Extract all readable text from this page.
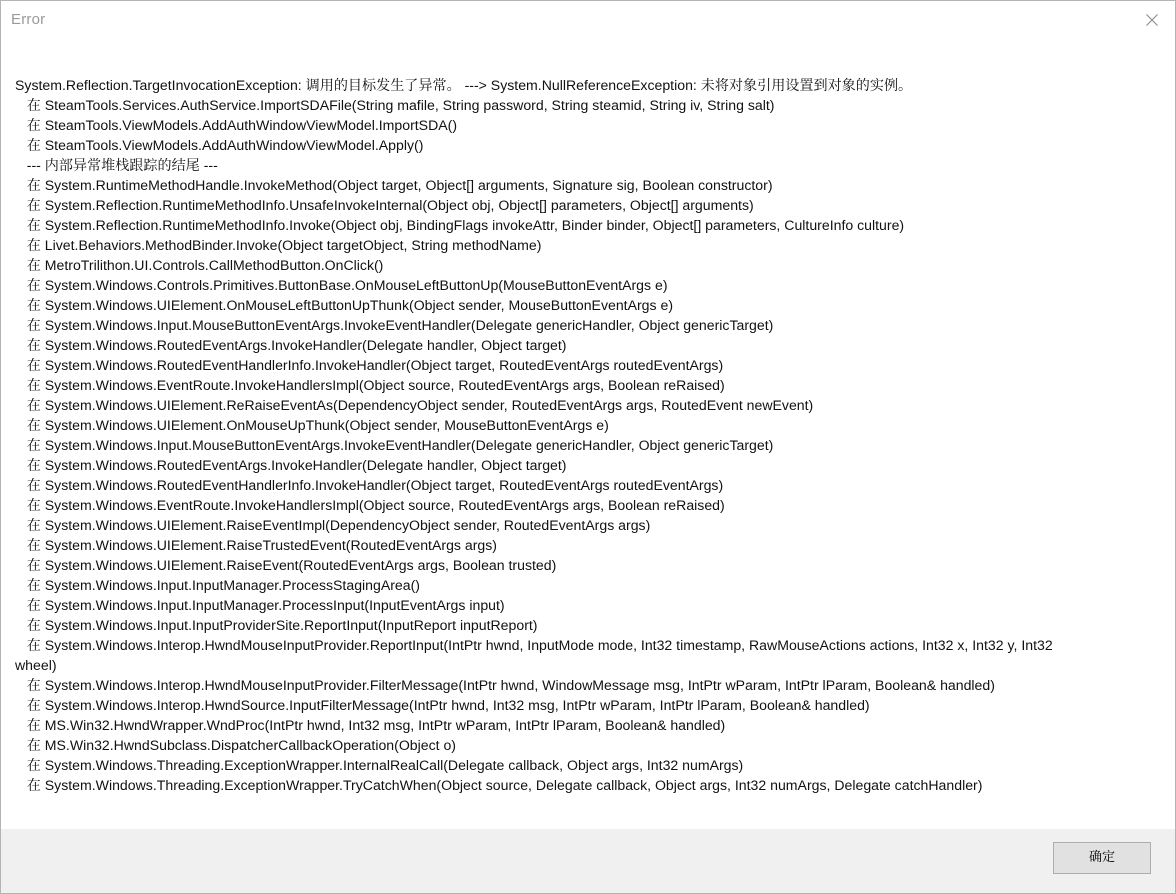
Error
System.Reflection.TargetInvocationException: 调用的目标发生了异常。 ---> System.NullReferenceException: 未将对象引用设置到对象的实例。
在 SteamTools.Services.AuthService.ImportSDAFile(String mafile, String password, String steamid, String iv, String salt)
在 SteamTools.ViewModels.AddAuthWindowViewModel.ImportSDA()
在 SteamTools.ViewModels.AddAuthWindowViewModel.Apply()
--- 内部异常堆栈跟踪的结尾 ---
在 System.RuntimeMethodHandle.InvokeMethod(Object target, Object[] arguments, Signature sig, Boolean constructor)
在 System.Reflection.RuntimeMethodInfo.UnsafeInvokeInternal(Object obj, Object[] parameters, Object[] arguments)
在 System.Reflection.RuntimeMethodInfo.Invoke(Object obj, BindingFlags invokeAttr, Binder binder, Object[] parameters, CultureInfo culture)
在 Livet.Behaviors.MethodBinder.Invoke(Object targetObject, String methodName)
在 MetroTrilithon.UI.Controls.CallMethodButton.OnClick()
在 System.Windows.Controls.Primitives.ButtonBase.OnMouseLeftButtonUp(MouseButtonEventArgs e)
在 System.Windows.UIElement.OnMouseLeftButtonUpThunk(Object sender, MouseButtonEventArgs e)
在 System.Windows.Input.MouseButtonEventArgs.InvokeEventHandler(Delegate genericHandler, Object genericTarget)
在 System.Windows.RoutedEventArgs.InvokeHandler(Delegate handler, Object target)
在 System.Windows.RoutedEventHandlerInfo.InvokeHandler(Object target, RoutedEventArgs routedEventArgs)
在 System.Windows.EventRoute.InvokeHandlersImpl(Object source, RoutedEventArgs args, Boolean reRaised)
在 System.Windows.UIElement.ReRaiseEventAs(DependencyObject sender, RoutedEventArgs args, RoutedEvent newEvent)
在 System.Windows.UIElement.OnMouseUpThunk(Object sender, MouseButtonEventArgs e)
在 System.Windows.Input.MouseButtonEventArgs.InvokeEventHandler(Delegate genericHandler, Object genericTarget)
在 System.Windows.RoutedEventArgs.InvokeHandler(Delegate handler, Object target)
在 System.Windows.RoutedEventHandlerInfo.InvokeHandler(Object target, RoutedEventArgs routedEventArgs)
在 System.Windows.EventRoute.InvokeHandlersImpl(Object source, RoutedEventArgs args, Boolean reRaised)
在 System.Windows.UIElement.RaiseEventImpl(DependencyObject sender, RoutedEventArgs args)
在 System.Windows.UIElement.RaiseTrustedEvent(RoutedEventArgs args)
在 System.Windows.UIElement.RaiseEvent(RoutedEventArgs args, Boolean trusted)
在 System.Windows.Input.InputManager.ProcessStagingArea()
在 System.Windows.Input.InputManager.ProcessInput(InputEventArgs input)
在 System.Windows.Input.InputProviderSite.ReportInput(InputReport inputReport)
在 System.Windows.Interop.HwndMouseInputProvider.ReportInput(IntPtr hwnd, InputMode mode, Int32 timestamp, RawMouseActions actions, Int32 x, Int32 y, Int32
wheel)
在 System.Windows.Interop.HwndMouseInputProvider.FilterMessage(IntPtr hwnd, WindowMessage msg, IntPtr wParam, IntPtr lParam, Boolean& handled)
在 System.Windows.Interop.HwndSource.InputFilterMessage(IntPtr hwnd, Int32 msg, IntPtr wParam, IntPtr lParam, Boolean& handled)
在 MS.Win32.HwndWrapper.WndProc(IntPtr hwnd, Int32 msg, IntPtr wParam, IntPtr lParam, Boolean& handled)
在 MS.Win32.HwndSubclass.DispatcherCallbackOperation(Object o)
在 System.Windows.Threading.ExceptionWrapper.InternalRealCall(Delegate callback, Object args, Int32 numArgs)
在 System.Windows.Threading.ExceptionWrapper.TryCatchWhen(Object source, Delegate callback, Object args, Int32 numArgs, Delegate catchHandler)
确定
